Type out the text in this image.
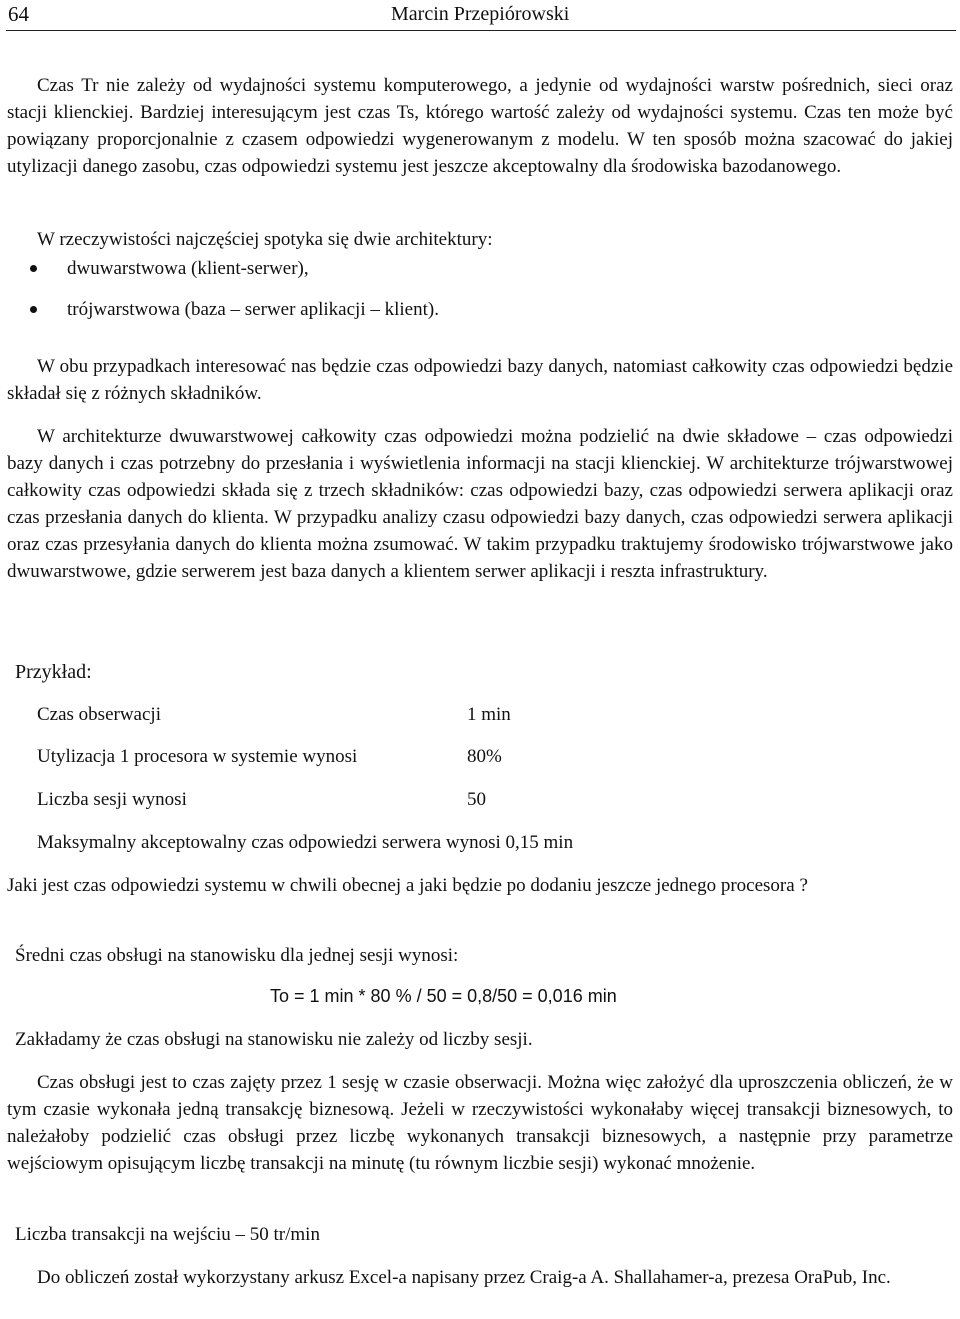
64	Marcin Przepiórowski

Czas Tr nie zależy od wydajności systemu komputerowego, a jedynie od wydajności warstw pośrednich, sieci oraz stacji klienckiej. Bardziej interesującym jest czas Ts, którego wartość zależy od wydajności systemu. Czas ten może być powiązany proporcjonalnie z czasem odpowiedzi wygenerowanym z modelu. W ten sposób można szacować do jakiej utylizacji danego zasobu, czas odpowiedzi systemu jest jeszcze akceptowalny dla środowiska bazodanowego.

W rzeczywistości najczęściej spotyka się dwie architektury:

dwuwarstwowa (klient-serwer),
trójwarstwowa (baza – serwer aplikacji – klient).

W obu przypadkach interesować nas będzie czas odpowiedzi bazy danych, natomiast całkowity czas odpowiedzi będzie składał się z różnych składników.

W architekturze dwuwarstwowej całkowity czas odpowiedzi można podzielić na dwie składowe – czas odpowiedzi bazy danych i czas potrzebny do przesłania i wyświetlenia informacji na stacji klienckiej. W architekturze trójwarstwowej całkowity czas odpowiedzi składa się z trzech składników: czas odpowiedzi bazy, czas odpowiedzi serwera aplikacji oraz czas przesłania danych do klienta. W przypadku analizy czasu odpowiedzi bazy danych, czas odpowiedzi serwera aplikacji oraz czas przesyłania danych do klienta można zsumować. W takim przypadku traktujemy środowisko trójwarstwowe jako dwuwarstwowe, gdzie serwerem jest baza danych a klientem serwer aplikacji i reszta infrastruktury.

Przykład:

Czas obserwacji	1 min

Utylizacja 1 procesora w systemie wynosi	80%

Liczba sesji wynosi	50

Maksymalny akceptowalny czas odpowiedzi serwera wynosi 0,15 min

Jaki jest czas odpowiedzi systemu w chwili obecnej a jaki będzie po dodaniu jeszcze jednego procesora ?

Średni czas obsługi na stanowisku dla jednej sesji wynosi:

To = 1 min * 80 % / 50 = 0,8/50 = 0,016 min

Zakładamy że czas obsługi na stanowisku nie zależy od liczby sesji.

Czas obsługi jest to czas zajęty przez 1 sesję w czasie obserwacji. Można więc założyć dla uproszczenia obliczeń, że w tym czasie wykonała jedną transakcję biznesową. Jeżeli w rzeczywistości wykonałaby więcej transakcji biznesowych, to należałoby podzielić czas obsługi przez liczbę wykonanych transakcji biznesowych, a następnie przy parametrze wejściowym opisującym liczbę transakcji na minutę (tu równym liczbie sesji) wykonać mnożenie.

Liczba transakcji na wejściu – 50 tr/min

Do obliczeń został wykorzystany arkusz Excel-a napisany przez Craig-a A. Shallahamer-a, prezesa OraPub, Inc.
